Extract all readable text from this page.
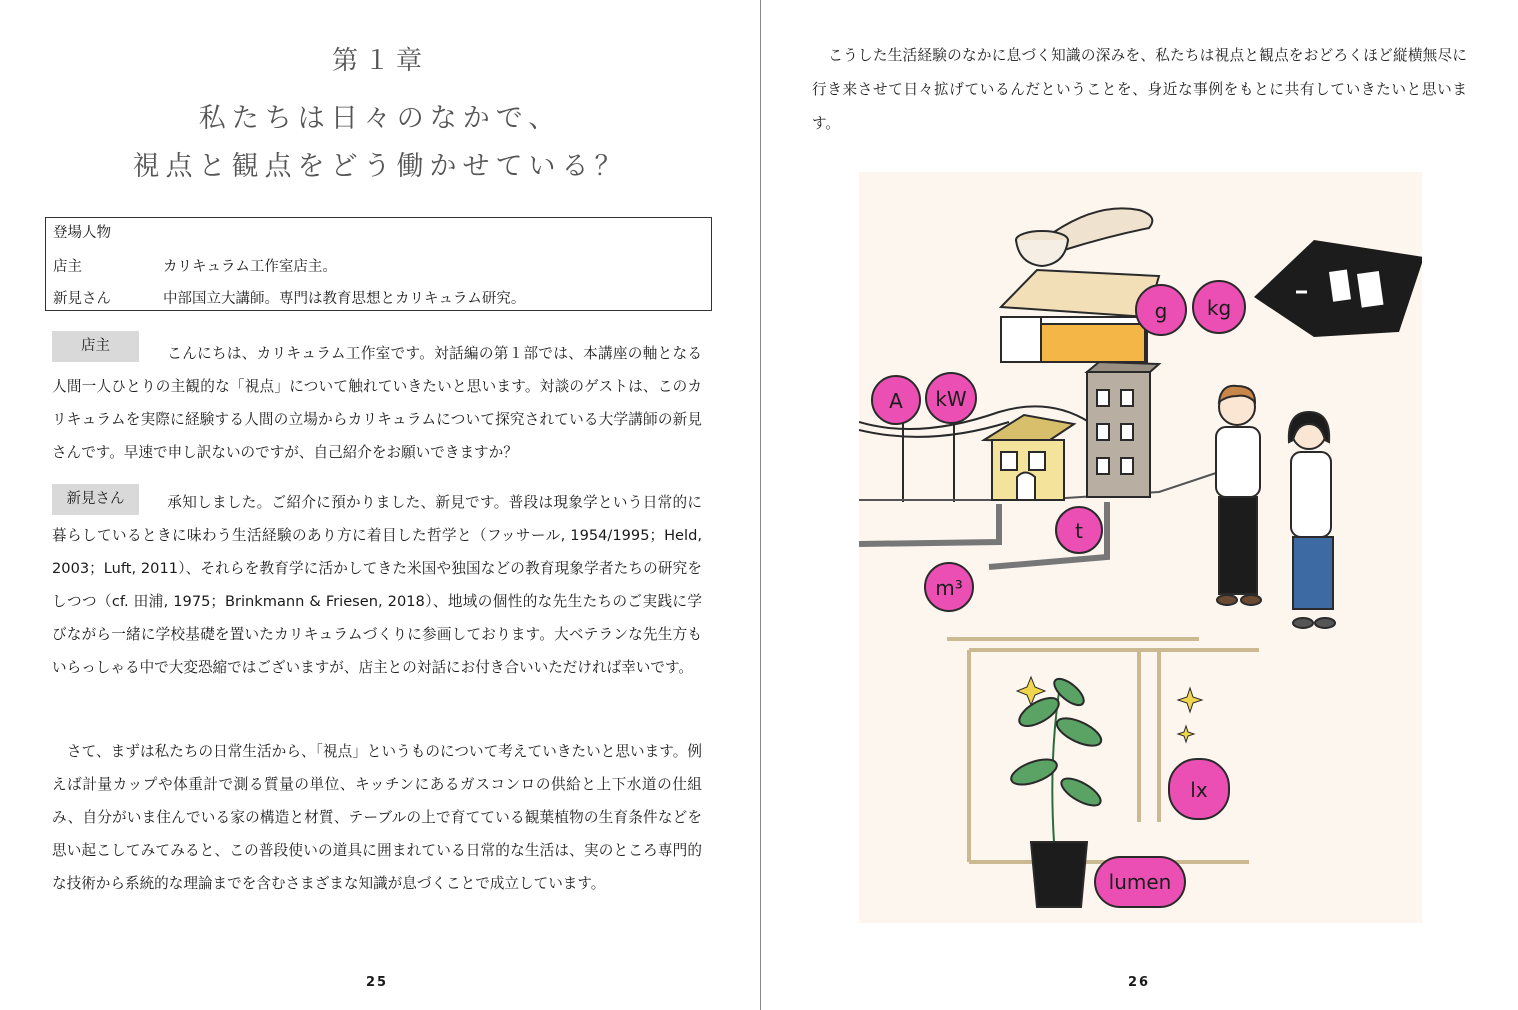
第１章
私たちは日々のなかで、
視点と観点をどう働かせている？
登場人物
店主	カリキュラム工作室店主。
新見さん	中部国立大講師。専門は教育思想とカリキュラム研究。
店主	こんにちは、カリキュラム工作室です。対話編の第１部では、本講座の軸となる人間一人ひとりの主観的な「視点」について触れていきたいと思います。対談のゲストは、このカリキュラムを実際に経験する人間の立場からカリキュラムについて探究されている大学講師の新見さんです。早速で申し訳ないのですが、自己紹介をお願いできますか？

新見さん	承知しました。ご紹介に預かりました、新見です。普段は現象学という日常的に暮らしているときに味わう生活経験のあり方に着目した哲学と（フッサール, 1954/1995；Held, 2003；Luft, 2011）、それらを教育学に活かしてきた米国や独国などの教育現象学者たちの研究をしつつ（cf. 田浦, 1975；Brinkmann & Friesen, 2018）、地域の個性的な先生たちのご実践に学びながら一緒に学校基礎を置いたカリキュラムづくりに参画しております。大ベテランな先生方もいらっしゃる中で大変恐縮ではございますが、店主との対話にお付き合いいただければ幸いです。

さて、まずは私たちの日常生活から、「視点」というものについて考えていきたいと思います。例えば計量カップや体重計で測る質量の単位、キッチンにあるガスコンロの供給と上下水道の仕組み、自分がいま住んでいる家の構造と材質、テーブルの上で育てている観葉植物の生育条件などを思い起こしてみてみると、この普段使いの道具に囲まれている日常的な生活は、実のところ専門的な技術から系統的な理論までを含むさまざまな知識が息づくことで成立しています。

25

こうした生活経験のなかに息づく知識の深みを、私たちは視点と観点をおどろくほど縦横無尽に行き来させて日々拡げているんだということを、身近な事例をもとに共有していきたいと思います。

g kg
A kW
t
m³
lx
lumen
26
